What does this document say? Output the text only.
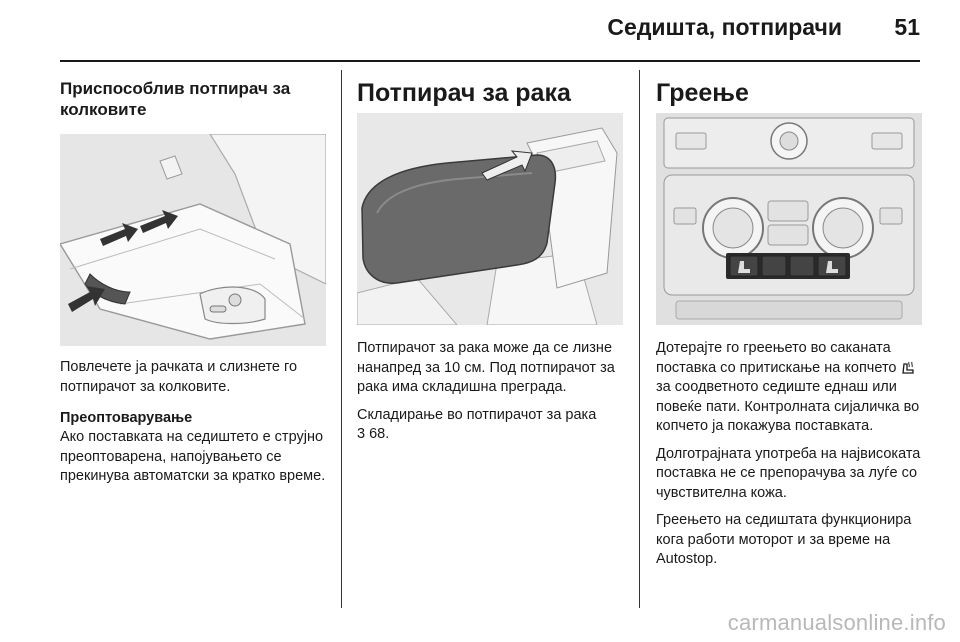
Седишта, потпирачи 51
Приспособлив потпирач за колковите

Повлечете ја рачката и слизнете го потпирачот за колковите.

Преоптоварување

Ако поставката на седиштето е струјно преоптоварена, напојувањето се прекинува автоматски за кратко време.

Потпирач за рака

Потпирачот за рака може да се лизне нанапред за 10 см. Под потпирачот за рака има складишна преграда.

Складирање во потпирачот за рака
3 68.

Греење

Дотерајте го греењето во саканата поставка со притискање на копчето  за соодветното седиште еднаш или повеќе пати. Контролната сијаличка во копчето ја покажува поставката.

Долготрајната употреба на највисоката поставка не се препорачува за луѓе со чувствителна кожа.

Греењето на седиштата функционира кога работи моторот и за време на Autostop.

carmanualsonline.info
